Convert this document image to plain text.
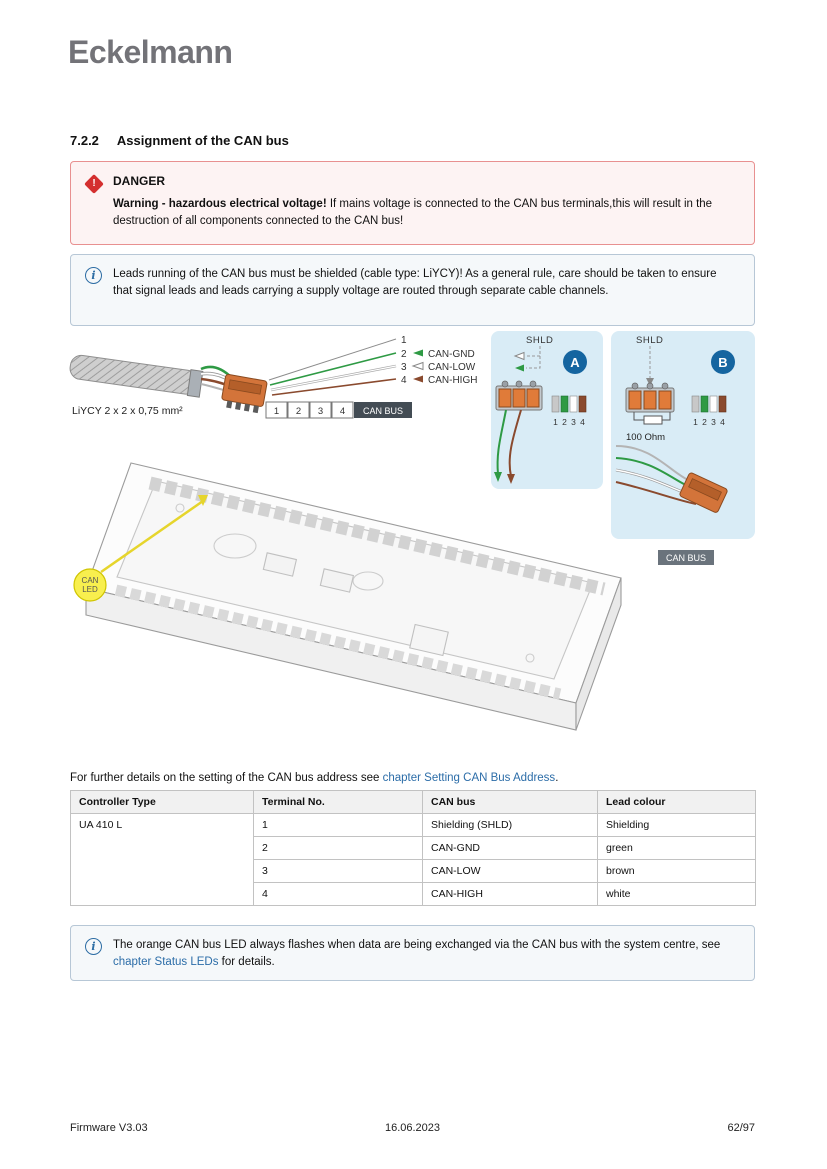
Eckelmann
7.2.2 Assignment of the CAN bus
!	DANGER
Warning - hazardous electrical voltage! If mains voltage is connected to the CAN bus terminals,this will result in the destruction of all components connected to the CAN bus!
i	Leads running of the CAN bus must be shielded (cable type: LiYCY)! As a general rule, care should be taken to ensure that signal leads and leads carrying a supply voltage are routed through separate cable channels.
CAN
LED
1
2 CAN-GND
3 CAN-LOW
4 CAN-HIGH
LiYCY 2 x 2 x 0,75 mm²	1 2 3 4 CAN BUS
SHLD
A
1 2 3 4
SHLD
B
100 Ohm
1 2 3 4
CAN BUS
For further details on the setting of the CAN bus address see chapter Setting CAN Bus Address.
Controller Type	Terminal No.	CAN bus	Lead colour
UA 410 L	1	Shielding (SHLD)	Shielding
	2	CAN-GND	green
	3	CAN-LOW	brown
	4	CAN-HIGH	white
i	The orange CAN bus LED always flashes when data are being exchanged via the CAN bus with the system centre, see chapter Status LEDs for details.
Firmware V3.03	16.06.2023	62/97
